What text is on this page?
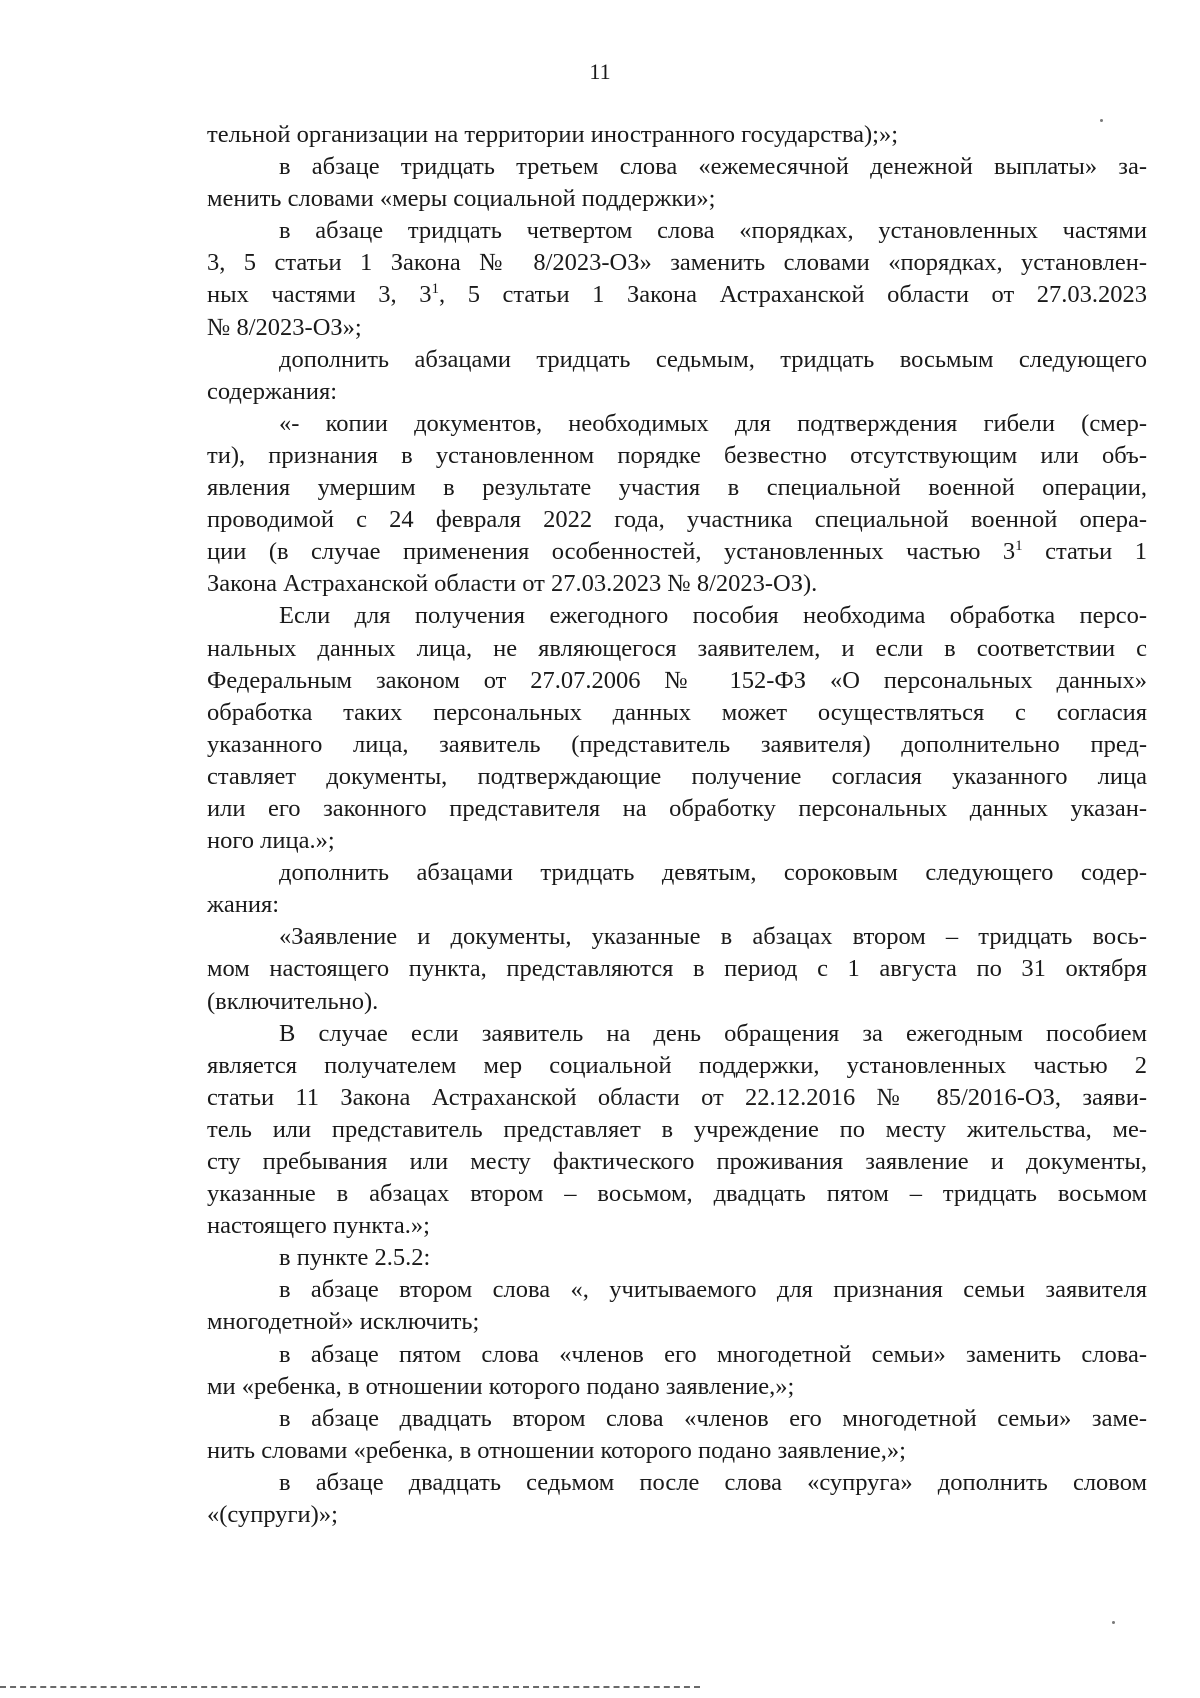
11
тельной организации на территории иностранного государства);»;
в абзаце тридцать третьем слова «ежемесячной денежной выплаты» за-
менить словами «меры социальной поддержки»;
в абзаце тридцать четвертом слова «порядках, установленных частями
3, 5 статьи 1 Закона № 8/2023-ОЗ» заменить словами «порядках, установлен-
ных частями 3, $3^1$, 5 статьи 1 Закона Астраханской области от 27.03.2023
№ 8/2023-ОЗ»;
дополнить абзацами тридцать седьмым, тридцать восьмым следующего
содержания:
«- копии документов, необходимых для подтверждения гибели (смер-
ти), признания в установленном порядке безвестно отсутствующим или объ-
явления умершим в результате участия в специальной военной операции,
проводимой с 24 февраля 2022 года, участника специальной военной опера-
ции (в случае применения особенностей, установленных частью $3^1$ статьи 1
Закона Астраханской области от 27.03.2023 № 8/2023-ОЗ).
Если для получения ежегодного пособия необходима обработка персо-
нальных данных лица, не являющегося заявителем, и если в соответствии с
Федеральным законом от 27.07.2006 № 152-ФЗ «О персональных данных»
обработка таких персональных данных может осуществляться с согласия
указанного лица, заявитель (представитель заявителя) дополнительно пред-
ставляет документы, подтверждающие получение согласия указанного лица
или его законного представителя на обработку персональных данных указан-
ного лица.»;
дополнить абзацами тридцать девятым, сороковым следующего содер-
жания:
«Заявление и документы, указанные в абзацах втором – тридцать вось-
мом настоящего пункта, представляются в период с 1 августа по 31 октября
(включительно).
В случае если заявитель на день обращения за ежегодным пособием
является получателем мер социальной поддержки, установленных частью 2
статьи 11 Закона Астраханской области от 22.12.2016 № 85/2016-ОЗ, заяви-
тель или представитель представляет в учреждение по месту жительства, ме-
сту пребывания или месту фактического проживания заявление и документы,
указанные в абзацах втором – восьмом, двадцать пятом – тридцать восьмом
настоящего пункта.»;
в пункте 2.5.2:
в абзаце втором слова «, учитываемого для признания семьи заявителя
многодетной» исключить;
в абзаце пятом слова «членов его многодетной семьи» заменить слова-
ми «ребенка, в отношении которого подано заявление,»;
в абзаце двадцать втором слова «членов его многодетной семьи» заме-
нить словами «ребенка, в отношении которого подано заявление,»;
в абзаце двадцать седьмом после слова «супруга» дополнить словом
«(супруги)»;
